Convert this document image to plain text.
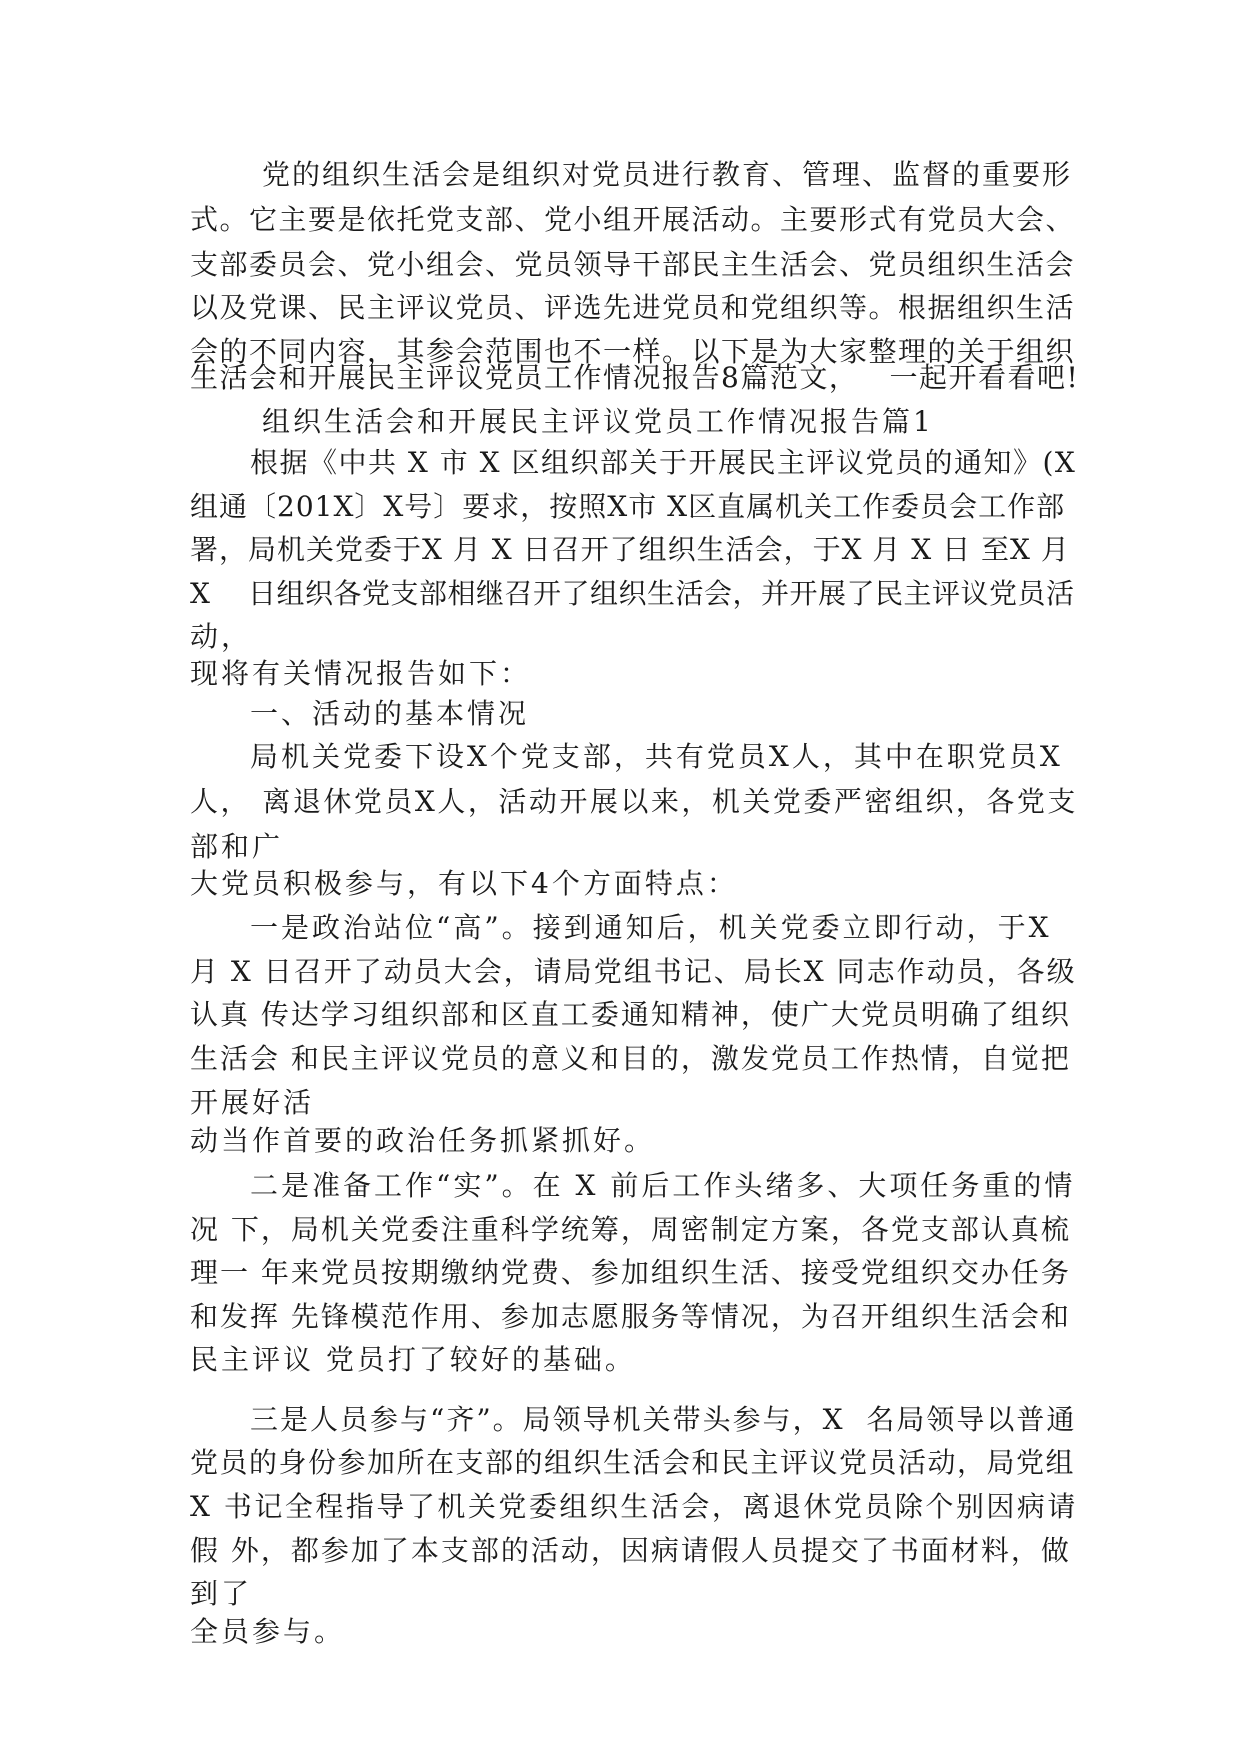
党的组织生活会是组织对党员进行教育、管理、监督的重要形
式。它主要是依托党支部、党小组开展活动。主要形式有党员大会、
支部委员会、党小组会、党员领导干部民主生活会、党员组织生活会
以及党课、民主评议党员、评选先进党员和党组织等。根据组织生活
会的不同内容，其参会范围也不一样。以下是为大家整理的关于组织
生活会和开展民主评议党员工作情况报告8篇范文，   一起开看看吧!
组织生活会和开展民主评议党员工作情况报告篇1
根据《中共 X 市 X 区组织部关于开展民主评议党员的通知》(X
组通〔201X〕X号〕要求，按照X市 X区直属机关工作委员会工作部
署，局机关党委于X 月 X 日召开了组织生活会，于X 月 X 日 至X 月
X    日组织各党支部相继召开了组织生活会，并开展了民主评议党员活
动，
现将有关情况报告如下：
一、活动的基本情况
局机关党委下设X个党支部，共有党员X人，其中在职党员X
人， 离退休党员X人，活动开展以来，机关党委严密组织，各党支
部和广
大党员积极参与，有以下4个方面特点：
一是政治站位“高”。接到通知后，机关党委立即行动，于X
月 X 日召开了动员大会，请局党组书记、局长X 同志作动员，各级
认真 传达学习组织部和区直工委通知精神，使广大党员明确了组织
生活会 和民主评议党员的意义和目的，激发党员工作热情，自觉把
开展好活
动当作首要的政治任务抓紧抓好。
二是准备工作“实”。在 X 前后工作头绪多、大项任务重的情
况 下，局机关党委注重科学统筹，周密制定方案，各党支部认真梳
理一 年来党员按期缴纳党费、参加组织生活、接受党组织交办任务
和发挥 先锋模范作用、参加志愿服务等情况，为召开组织生活会和
民主评议 党员打了较好的基础。
三是人员参与“齐”。局领导机关带头参与，X  名局领导以普通
党员的身份参加所在支部的组织生活会和民主评议党员活动，局党组
X 书记全程指导了机关党委组织生活会，离退休党员除个别因病请
假 外，都参加了本支部的活动，因病请假人员提交了书面材料，做
到了
全员参与。
